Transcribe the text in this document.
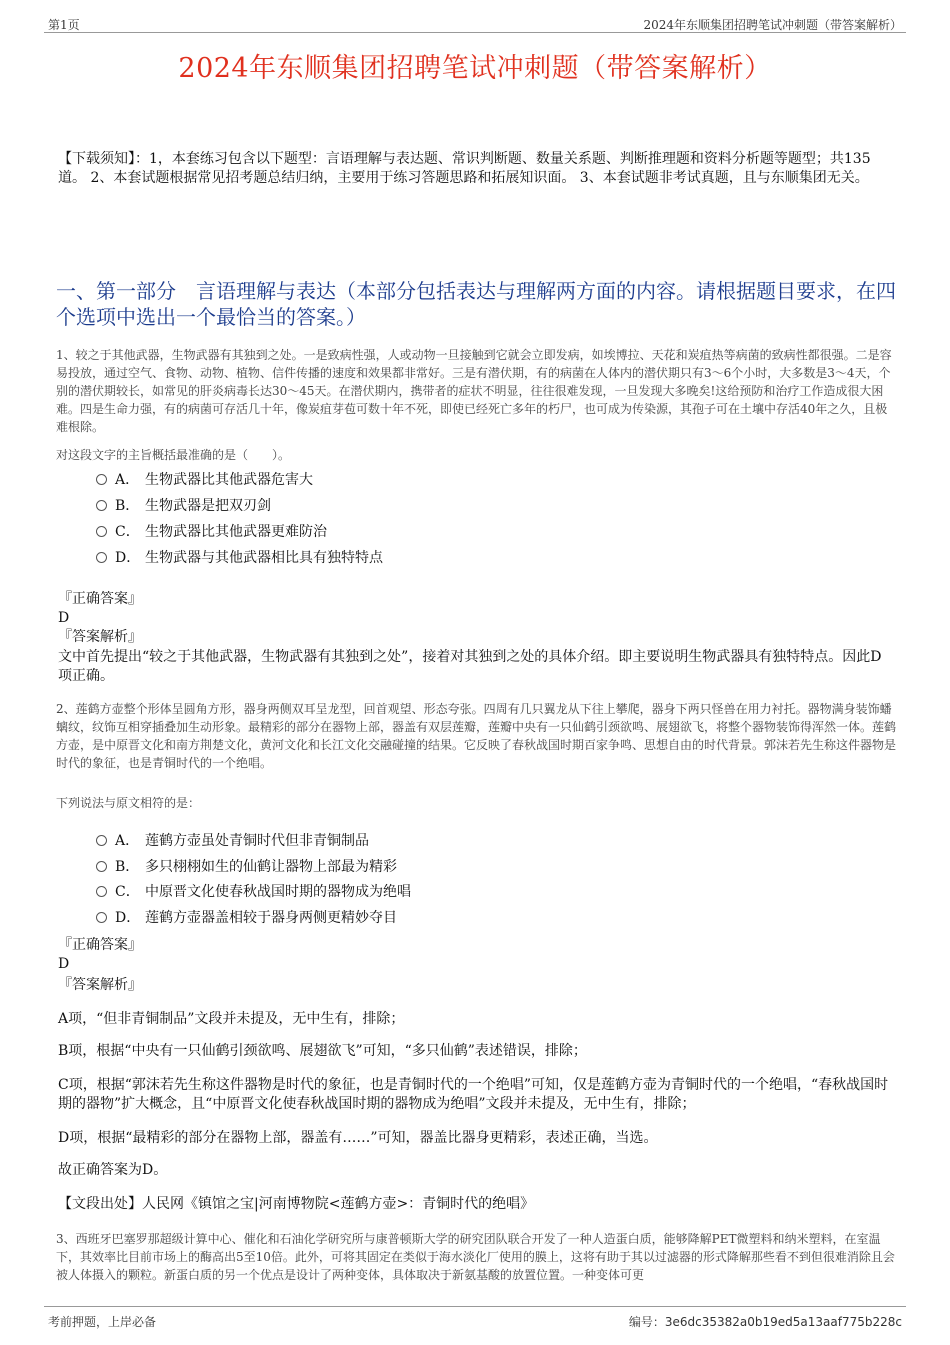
第1页	2024年东顺集团招聘笔试冲刺题（带答案解析）
2024年东顺集团招聘笔试冲刺题（带答案解析）
【下载须知】：1，本套练习包含以下题型：言语理解与表达题、常识判断题、数量关系题、判断推理题和资料分析题等题型；共135道。 2、本套试题根据常见招考题总结归纳，主要用于练习答题思路和拓展知识面。 3、本套试题非考试真题，且与东顺集团无关。
一、第一部分　言语理解与表达（本部分包括表达与理解两方面的内容。请根据题目要求，在四个选项中选出一个最恰当的答案。）
1、较之于其他武器，生物武器有其独到之处。一是致病性强，人或动物一旦接触到它就会立即发病，如埃博拉、天花和炭疽热等病菌的致病性都很强。二是容易投放，通过空气、食物、动物、植物、信件传播的速度和效果都非常好。三是有潜伏期，有的病菌在人体内的潜伏期只有3～6个小时，大多数是3～4天，个别的潜伏期较长，如常见的肝炎病毒长达30～45天。在潜伏期内，携带者的症状不明显，往往很难发现，一旦发现大多晚矣!这给预防和治疗工作造成很大困难。四是生命力强，有的病菌可存活几十年，像炭疽芽苞可数十年不死，即使已经死亡多年的朽尸，也可成为传染源，其孢子可在土壤中存活40年之久，且极难根除。
对这段文字的主旨概括最准确的是（　　）。
A． 生物武器比其他武器危害大
B． 生物武器是把双刃剑
C． 生物武器比其他武器更难防治
D． 生物武器与其他武器相比具有独特特点
『正确答案』
D
『答案解析』
文中首先提出“较之于其他武器，生物武器有其独到之处”，接着对其独到之处的具体介绍。即主要说明生物武器具有独特特点。因此D项正确。
2、莲鹤方壶整个形体呈圆角方形，器身两侧双耳呈龙型，回首观望、形态夸张。四周有几只翼龙从下往上攀爬，器身下两只怪兽在用力衬托。器物满身装饰蟠螭纹，纹饰互相穿插叠加生动形象。最精彩的部分在器物上部，器盖有双层莲瓣，莲瓣中央有一只仙鹤引颈欲鸣、展翅欲飞，将整个器物装饰得浑然一体。莲鹤方壶，是中原晋文化和南方荆楚文化，黄河文化和长江文化交融碰撞的结果。它反映了春秋战国时期百家争鸣、思想自由的时代背景。郭沫若先生称这件器物是时代的象征，也是青铜时代的一个绝唱。
下列说法与原文相符的是：
A． 莲鹤方壶虽处青铜时代但非青铜制品
B． 多只栩栩如生的仙鹤让器物上部最为精彩
C． 中原晋文化使春秋战国时期的器物成为绝唱
D． 莲鹤方壶器盖相较于器身两侧更精妙夺目
『正确答案』
D
『答案解析』
A项，“但非青铜制品”文段并未提及，无中生有，排除；
B项，根据“中央有一只仙鹤引颈欲鸣、展翅欲飞”可知，“多只仙鹤”表述错误，排除；
C项，根据“郭沫若先生称这件器物是时代的象征，也是青铜时代的一个绝唱”可知，仅是莲鹤方壶为青铜时代的一个绝唱，“春秋战国时期的器物”扩大概念，且“中原晋文化使春秋战国时期的器物成为绝唱”文段并未提及，无中生有，排除；
D项，根据“最精彩的部分在器物上部，器盖有……”可知，器盖比器身更精彩，表述正确，当选。
故正确答案为D。
【文段出处】人民网《镇馆之宝|河南博物院<莲鹤方壶>：青铜时代的绝唱》
3、西班牙巴塞罗那超级计算中心、催化和石油化学研究所与康普顿斯大学的研究团队联合开发了一种人造蛋白质，能够降解PET微塑料和纳米塑料，在室温下，其效率比目前市场上的酶高出5至10倍。此外，可将其固定在类似于海水淡化厂使用的膜上，这将有助于其以过滤器的形式降解那些看不到但很难消除且会被人体摄入的颗粒。新蛋白质的另一个优点是设计了两种变体，具体取决于新氨基酸的放置位置。一种变体可更
考前押题，上岸必备	编号：3e6dc35382a0b19ed5a13aaf775b228c
